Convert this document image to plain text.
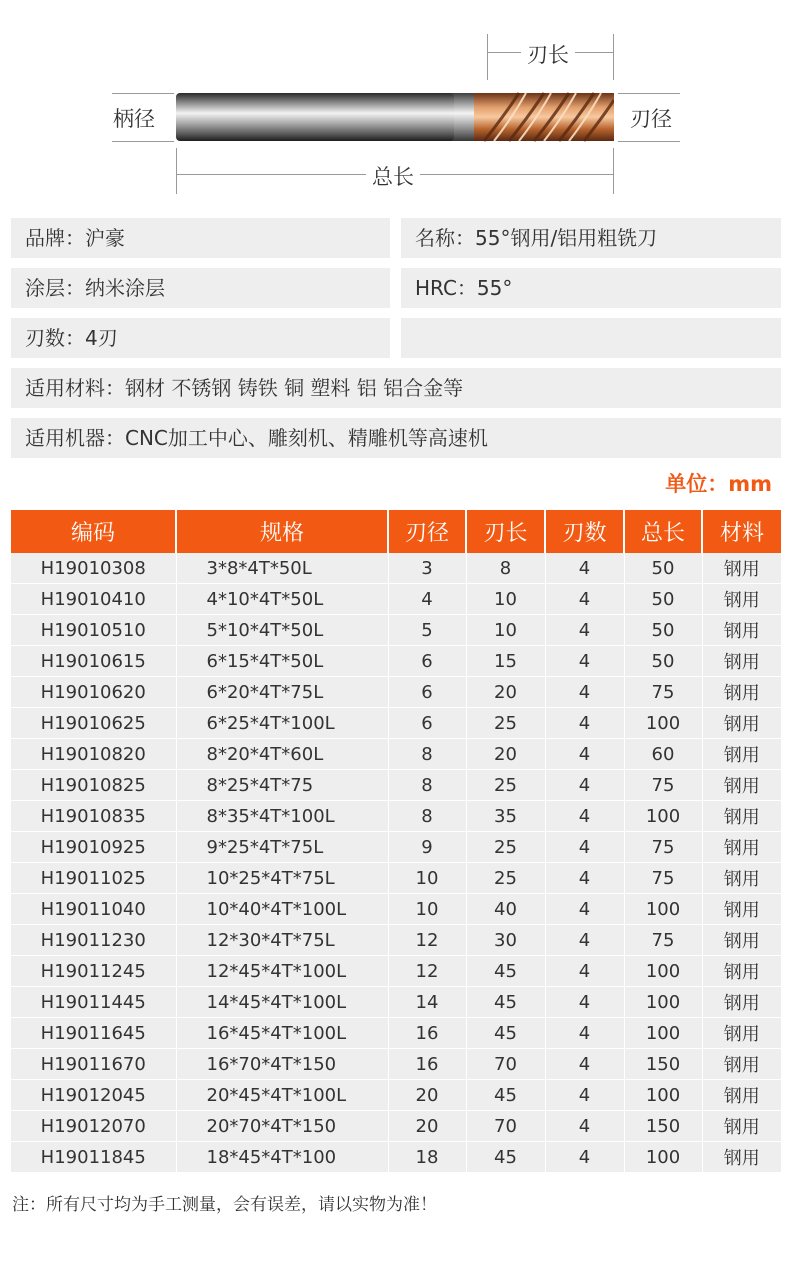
刃长
柄径	刃径
总长
品牌：沪豪	名称：55°钢用/铝用粗铣刀
涂层：纳米涂层	HRC：55°
刃数：4刃
适用材料：钢材 不锈钢 铸铁 铜 塑料 铝 铝合金等
适用机器：CNC加工中心、雕刻机、精雕机等高速机
单位：mm
编码	规格	刃径	刃长	刃数	总长	材料
H19010308	3*8*4T*50L	3	8	4	50	钢用
H19010410	4*10*4T*50L	4	10	4	50	钢用
H19010510	5*10*4T*50L	5	10	4	50	钢用
H19010615	6*15*4T*50L	6	15	4	50	钢用
H19010620	6*20*4T*75L	6	20	4	75	钢用
H19010625	6*25*4T*100L	6	25	4	100	钢用
H19010820	8*20*4T*60L	8	20	4	60	钢用
H19010825	8*25*4T*75	8	25	4	75	钢用
H19010835	8*35*4T*100L	8	35	4	100	钢用
H19010925	9*25*4T*75L	9	25	4	75	钢用
H19011025	10*25*4T*75L	10	25	4	75	钢用
H19011040	10*40*4T*100L	10	40	4	100	钢用
H19011230	12*30*4T*75L	12	30	4	75	钢用
H19011245	12*45*4T*100L	12	45	4	100	钢用
H19011445	14*45*4T*100L	14	45	4	100	钢用
H19011645	16*45*4T*100L	16	45	4	100	钢用
H19011670	16*70*4T*150	16	70	4	150	钢用
H19012045	20*45*4T*100L	20	45	4	100	钢用
H19012070	20*70*4T*150	20	70	4	150	钢用
H19011845	18*45*4T*100	18	45	4	100	钢用
注：所有尺寸均为手工测量，会有误差，请以实物为准！
